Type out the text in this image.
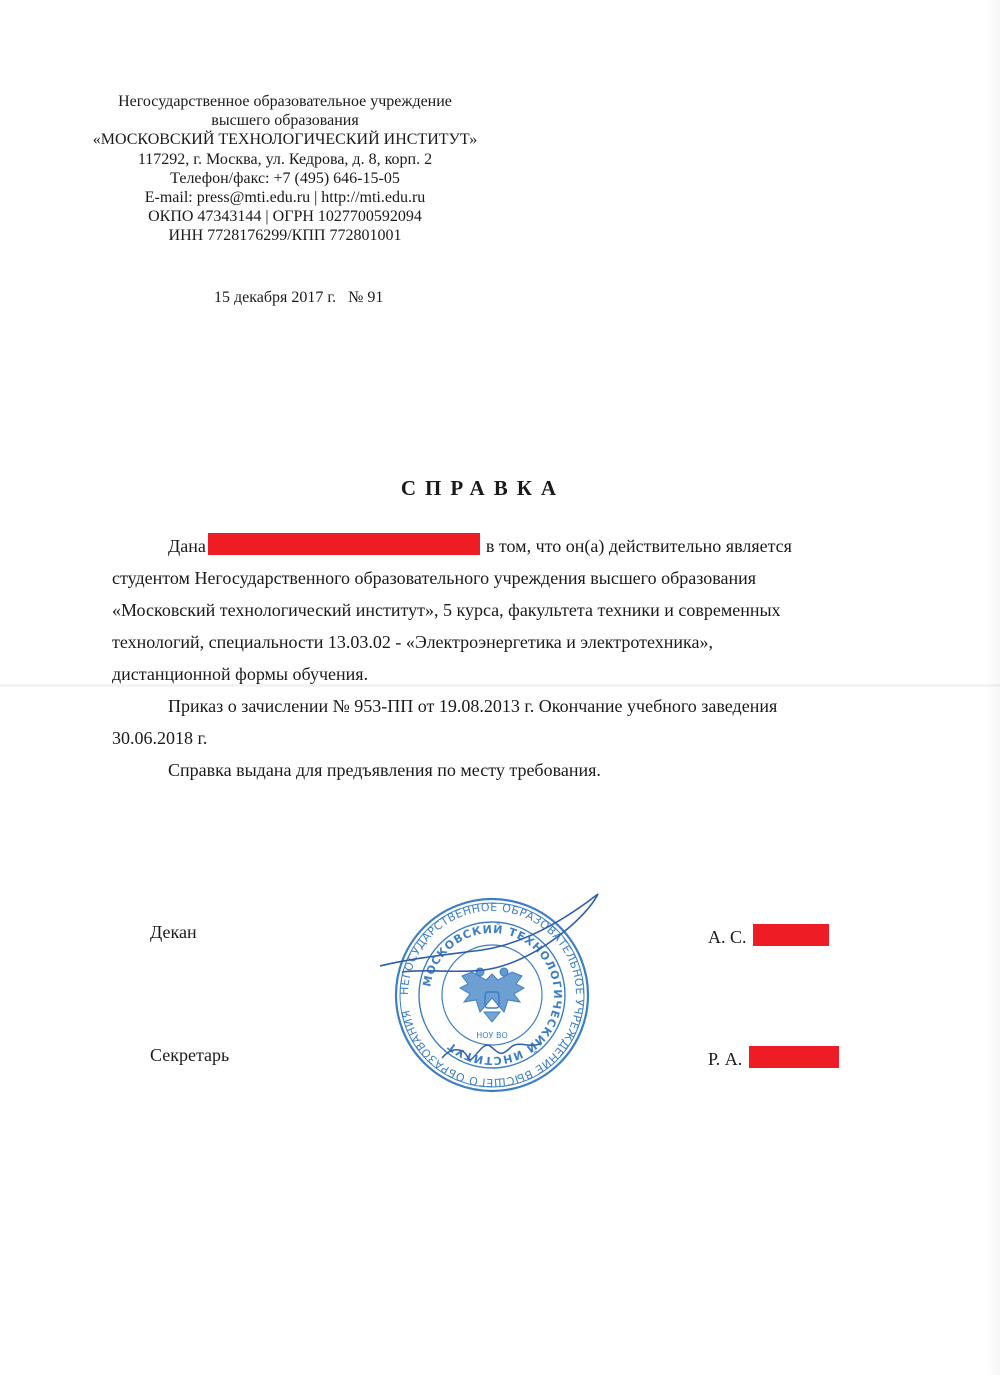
Негосударственное образовательное учреждение
высшего образования
«МОСКОВСКИЙ ТЕХНОЛОГИЧЕСКИЙ ИНСТИТУТ»
117292, г. Москва, ул. Кедрова, д. 8, корп. 2
Телефон/факс: +7 (495) 646-15-05
E-mail: press@mti.edu.ru | http://mti.edu.ru
ОКПО 47343144 | ОГРН 1027700592094
ИНН 7728176299/КПП 772801001
15 декабря 2017 г. № 91
СПРАВКА
Дана	в том, что он(а) действительно является
студентом Негосударственного образовательного учреждения высшего образования
«Московский технологический институт», 5 курса, факультета техники и современных
технологий, специальности 13.03.02 - «Электроэнергетика и электротехника»,
дистанционной формы обучения.
Приказ о зачислении № 953-ПП от 19.08.2013 г. Окончание учебного заведения
30.06.2018 г.
Справка выдана для предъявления по месту требования.
Декан	А. С.
Секретарь	Р. А.
НЕГОСУДАРСТВЕННОЕ ОБРАЗОВАТЕЛЬНОЕ УЧРЕЖДЕНИЕ ВЫСШЕГО ОБРАЗОВАНИЯ
МОСКОВСКИЙ ТЕХНОЛОГИЧЕСКИЙ ИНСТИТУТ
НОУ ВО
